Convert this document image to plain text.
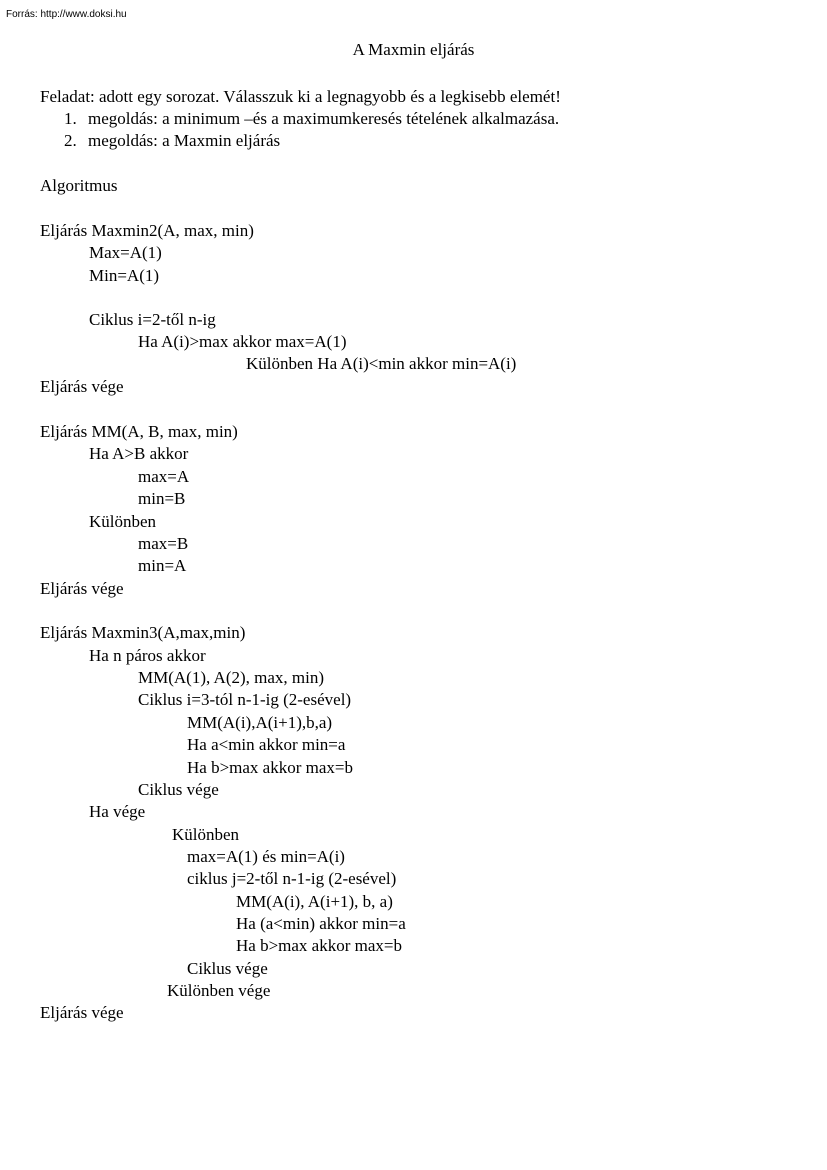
Forrás: http://www.doksi.hu
A Maxmin eljárás
Feladat: adott egy sorozat. Válasszuk ki a legnagyobb és a legkisebb elemét!
1. megoldás: a minimum –és a maximumkeresés tételének alkalmazása.
2. megoldás: a Maxmin eljárás
Algoritmus
Eljárás Maxmin2(A, max, min)
Max=A(1)
Min=A(1)
Ciklus i=2-től n-ig
Ha A(i)>max akkor max=A(1)
Különben Ha A(i)<min akkor min=A(i)
Eljárás vége
Eljárás MM(A, B, max, min)
Ha A>B akkor
max=A
min=B
Különben
max=B
min=A
Eljárás vége
Eljárás Maxmin3(A,max,min)
Ha n páros akkor
MM(A(1), A(2), max, min)
Ciklus i=3-tól n-1-ig (2-esével)
MM(A(i),A(i+1),b,a)
Ha a<min akkor min=a
Ha b>max akkor max=b
Ciklus vége
Ha vége
Különben
max=A(1) és min=A(i)
ciklus j=2-től n-1-ig (2-esével)
MM(A(i), A(i+1), b, a)
Ha (a<min) akkor min=a
Ha b>max akkor max=b
Ciklus vége
Különben vége
Eljárás vége
